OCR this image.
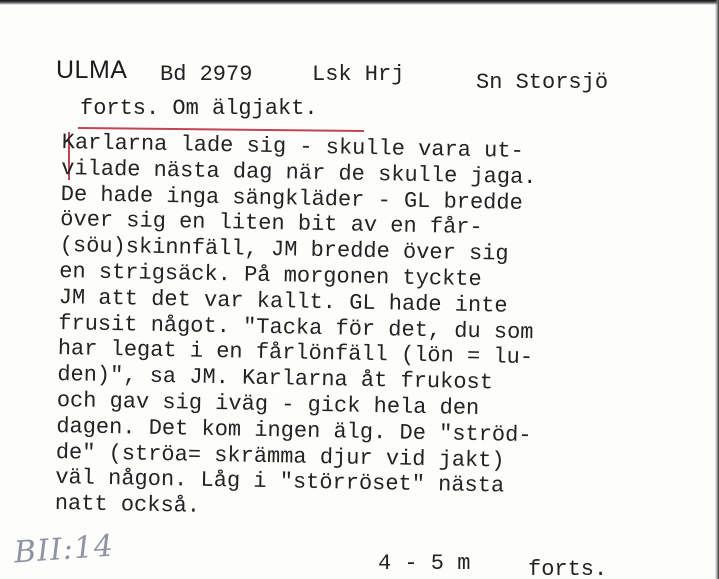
ULMA Bd 2979	Lsk Hrj	Sn Storsjö
forts. Om älgjakt.
Karlarna lade sig - skulle vara ut-
vilade nästa dag när de skulle jaga.
De hade inga sängkläder - GL bredde
över sig en liten bit av en får-
(söu)skinnfäll, JM bredde över sig
en strigsäck. På morgonen tyckte
JM att det var kallt. GL hade inte
frusit något. "Tacka för det, du som
har legat i en fårlönfäll (lön = lu-
den)", sa JM. Karlarna åt frukost
och gav sig iväg - gick hela den
dagen. Det kom ingen älg. De "ströd-
de" (ströa= skrämma djur vid jakt)
väl någon. Låg i "störröset" nästa
natt också.
BII:14	4 - 5 m	forts.
